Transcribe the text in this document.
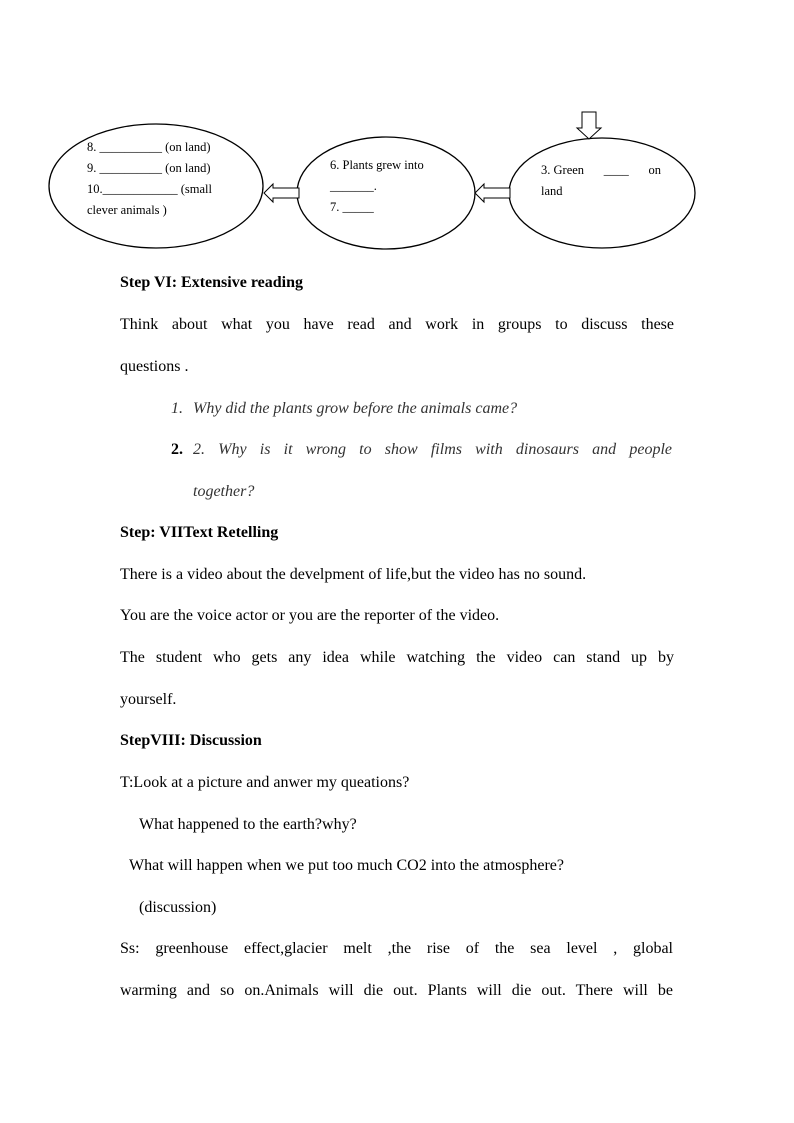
8. __________ (on land)
9. __________ (on land)
10.____________ (small
clever animals )
6. Plants grew into
_______.
7. _____
3. Green ____ on
land
Step VI: Extensive reading
Think about what you have read and work in groups to discuss these
questions .
1. Why did the plants grow before the animals came?
2. 2. Why is it wrong to show films with dinosaurs and people
together?
Step: VIIText Retelling
There is a video about the develpment of life,but the video has no sound.
You are the voice actor or you are the reporter of the video.
The student who gets any idea while watching the video can stand up by
yourself.
StepVIII: Discussion
T:Look at a picture and anwer my queations?
What happened to the earth?why?
What will happen when we put too much CO2 into the atmosphere?
(discussion)
Ss: greenhouse effect,glacier melt ,the rise of the sea level , global
warming and so on.Animals will die out. Plants will die out. There will be
